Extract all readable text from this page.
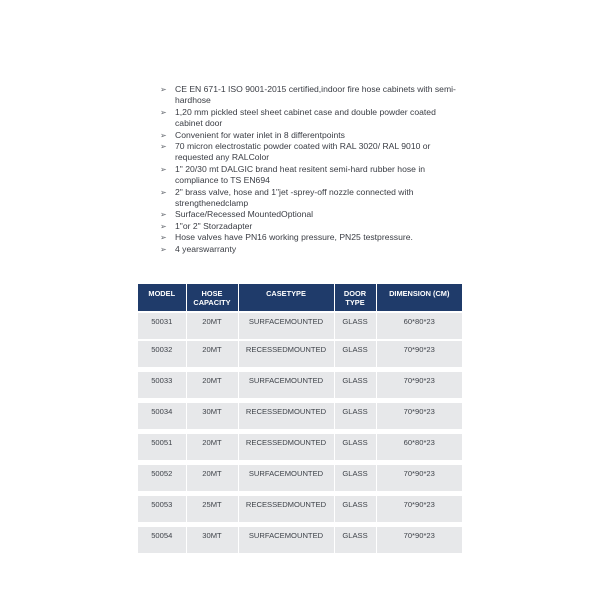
➢ CE EN 671-1 ISO 9001-2015 certified,indoor fire hose cabinets with semi-hardhose
➢ 1,20 mm pickled steel sheet cabinet case and double powder coated cabinet door
➢ Convenient for water inlet in 8 differentpoints
➢ 70 micron electrostatic powder coated with RAL 3020/ RAL 9010 or requested any RALColor
➢ 1" 20/30 mt DALGIC brand heat resitent semi-hard rubber hose in compliance to TS EN694
➢ 2" brass valve, hose and 1"jet -sprey-off nozzle connected with strengthenedclamp
➢ Surface/Recessed MountedOptional
➢ 1"or 2" Storzadapter
➢ Hose valves have PN16 working pressure, PN25 testpressure.
➢ 4 yearswarranty
MODEL	HOSE CAPACITY	CASETYPE	DOOR TYPE	DIMENSION (CM)
50031	20MT	SURFACEMOUNTED	GLASS	60*80*23
50032	20MT	RECESSEDMOUNTED	GLASS	70*90*23
50033	20MT	SURFACEMOUNTED	GLASS	70*90*23
50034	30MT	RECESSEDMOUNTED	GLASS	70*90*23
50051	20MT	RECESSEDMOUNTED	GLASS	60*80*23
50052	20MT	SURFACEMOUNTED	GLASS	70*90*23
50053	25MT	RECESSEDMOUNTED	GLASS	70*90*23
50054	30MT	SURFACEMOUNTED	GLASS	70*90*23
